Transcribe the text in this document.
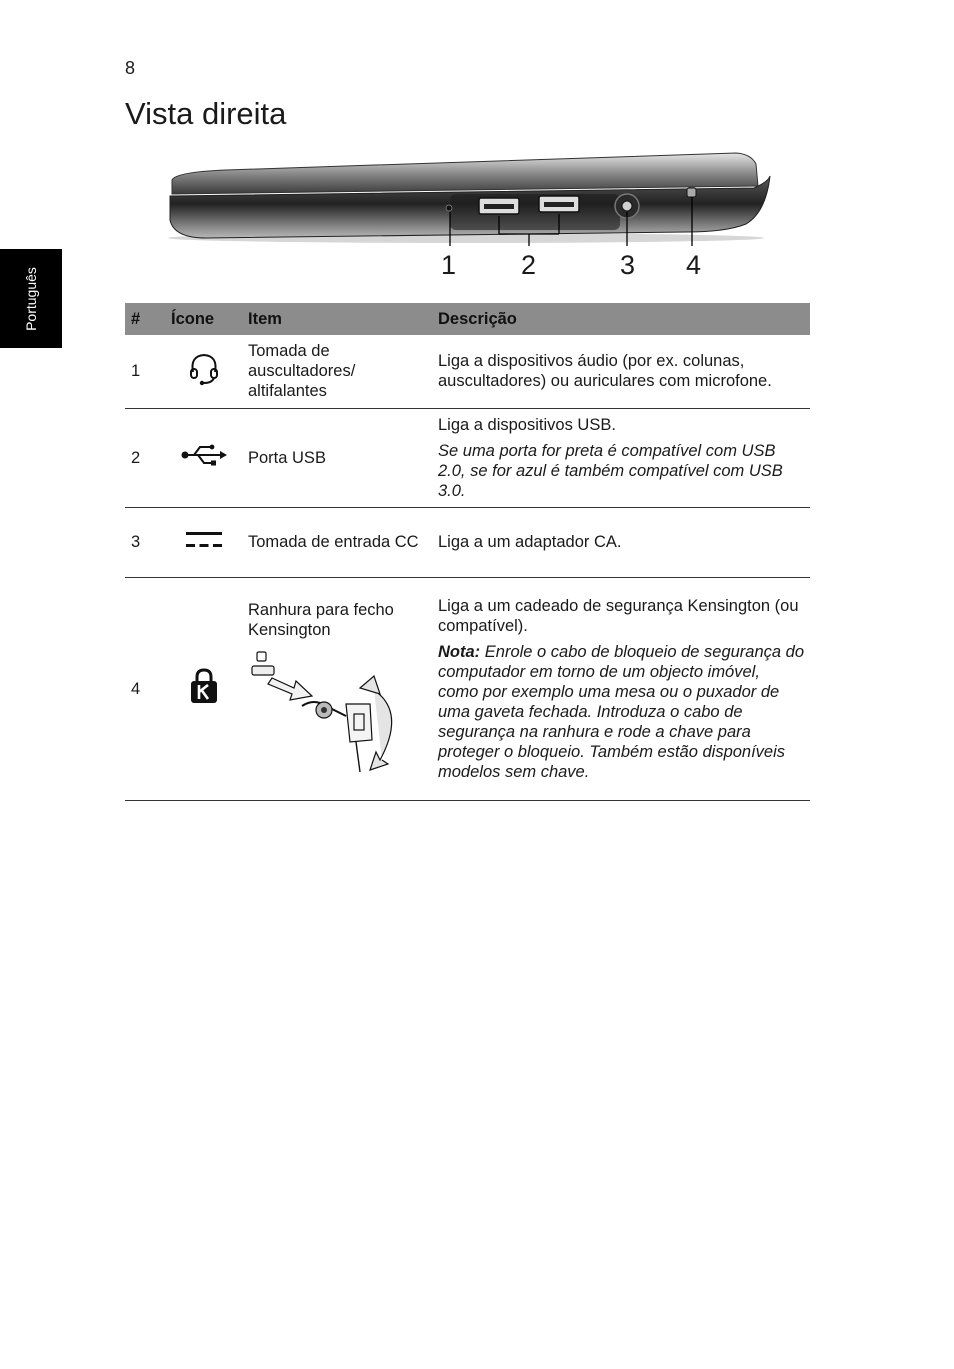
8
Vista direita
Português
1 2	3 4
#	Ícone	Item	Descrição
1		Tomada de auscultadores/ altifalantes	Liga a dispositivos áudio (por ex. colunas, auscultadores) ou auriculares com microfone.

2		Porta USB	Liga a dispositivos USB.

Se uma porta for preta é compatível com USB 2.0, se for azul é também compatível com USB 3.0.

3		Tomada de entrada CC	Liga a um adaptador CA.

4		Ranhura para fecho Kensington	Liga a um cadeado de segurança Kensington (ou compatível).

Nota: Enrole o cabo de bloqueio de segurança do computador em torno de um objecto imóvel, como por exemplo uma mesa ou o puxador de uma gaveta fechada. Introduza o cabo de segurança na ranhura e rode a chave para proteger o bloqueio. Também estão disponíveis modelos sem chave.
